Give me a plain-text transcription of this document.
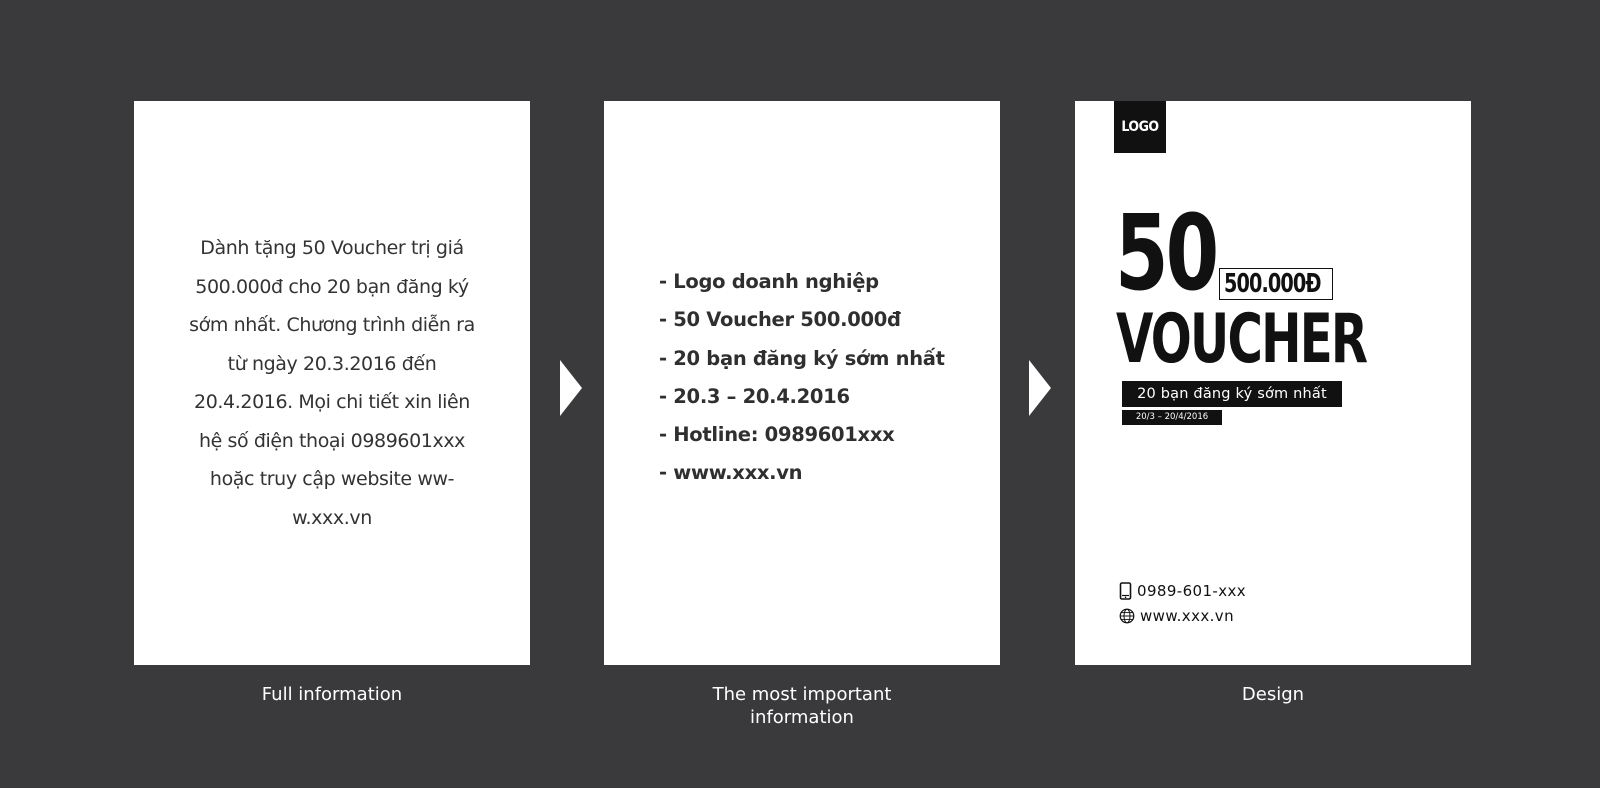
Dành tặng 50 Voucher trị giá
500.000đ cho 20 bạn đăng ký
sớm nhất. Chương trình diễn ra
từ ngày 20.3.2016 đến
20.4.2016. Mọi chi tiết xin liên
hệ số điện thoại 0989601xxx
hoặc truy cập website ww-
w.xxx.vn
Full information
- Logo doanh nghiệp
- 50 Voucher 500.000đ
- 20 bạn đăng ký sớm nhất
- 20.3 – 20.4.2016
- Hotline: 0989601xxx
- www.xxx.vn
The most important
information
LOGO
50 500.000Đ
VOUCHER
20 bạn đăng ký sớm nhất
20/3 – 20/4/2016
0989-601-xxx
www.xxx.vn
Design
